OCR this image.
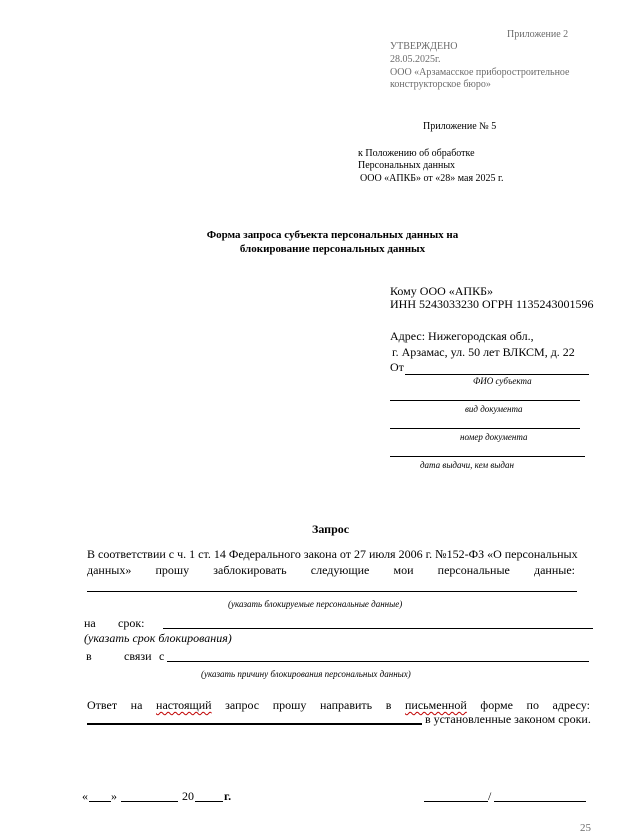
Приложение 2
УТВЕРЖДЕНО
28.05.2025г.
ООО «Арзамасское приборостроительное
конструкторское бюро»
Приложение № 5
к Положению об обработке
Персональных данных
ООО «АПКБ» от «28» мая 2025 г.
Форма запроса субъекта персональных данных на
блокирование персональных данных
Кому ООО «АПКБ»
ИНН 5243033230 ОГРН 1135243001596
Адрес: Нижегородская обл.,
г. Арзамас, ул. 50 лет ВЛКСМ, д. 22
От
ФИО субъекта
вид документа
номер документа
дата выдачи, кем выдан
Запрос
В соответствии с ч. 1 ст. 14 Федерального закона от 27 июля 2006 г. №152-ФЗ «О персональных
данных» прошу заблокировать следующие мои персональные данные:
(указать блокируемые персональные данные)
на срок:
(указать срок блокирования)
в	связи с
(указать причину блокирования персональных данных)
Ответ на настоящий запрос прошу направить в письменной форме по адресу:
в установленные законом сроки.
« »	20	г.	/
25
